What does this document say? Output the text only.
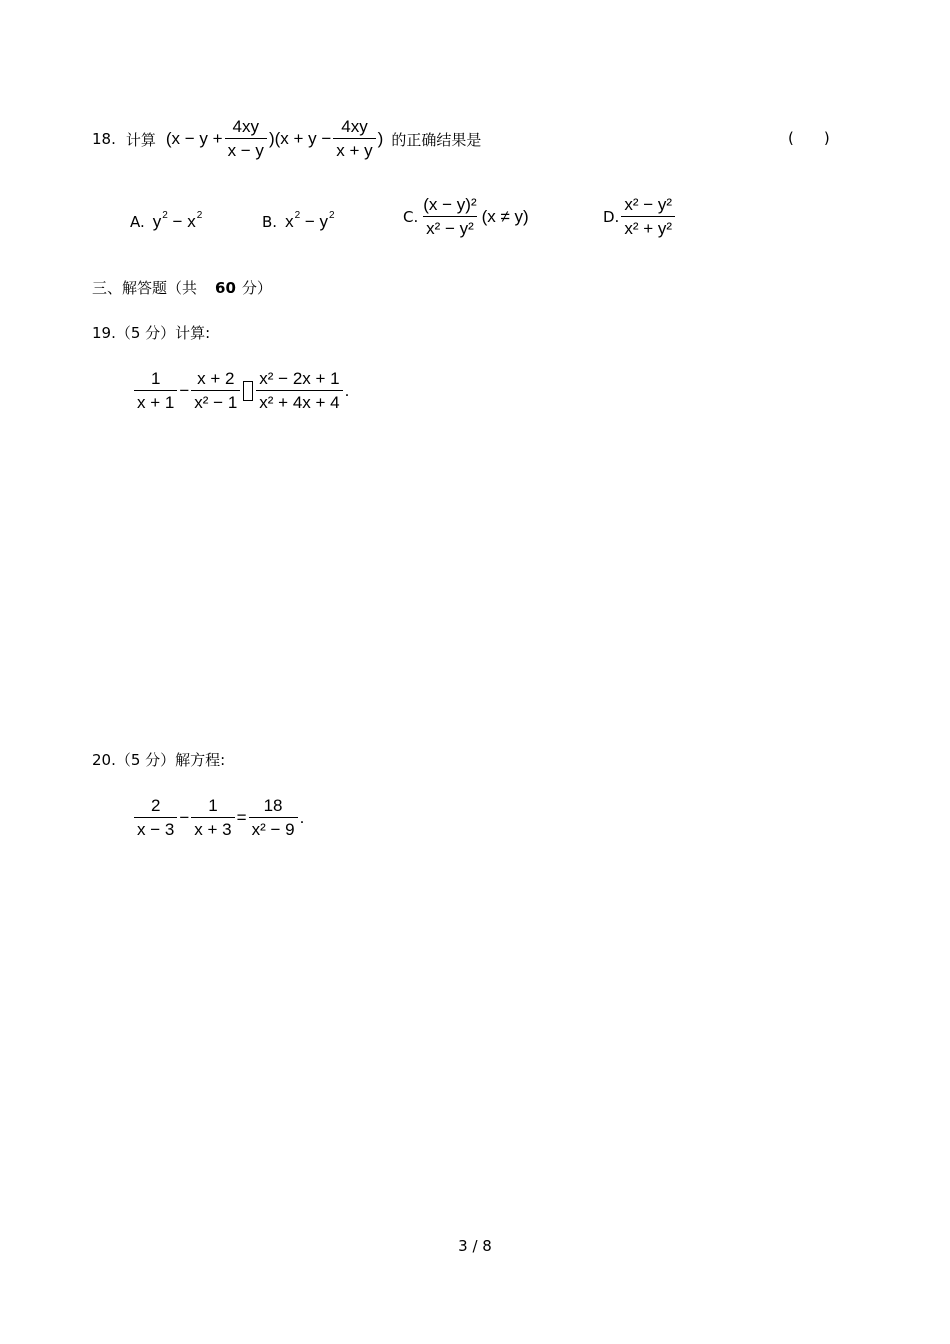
18. 计算 $(x - y + \frac{4xy}{x - y} )(x + y - \frac{4xy}{x + y}$ ) 的正确结果是	(　　)
A. $y^2 - x^2$	B. $x^2 - y^2$	C. $\frac{\text{(x − y)²}}{\text{x² − y²}} (x \ne y)$	D. $\frac{\text{x² − y²}}{\text{x² + y²}}$
三、解答题（共 60 分）
19.（5 分）计算:
$\frac{1}{x + 1} - \frac{x + 2}{\text{x² − 1}} \frac{\text{x² − 2x + 1}}{\text{x² + 4x + 4}}$ .
20.（5 分）解方程:
$\frac{2}{x - 3} - \frac{1}{x + 3} = \frac{18}{\text{x² − 9}}$ .
3 / 8
